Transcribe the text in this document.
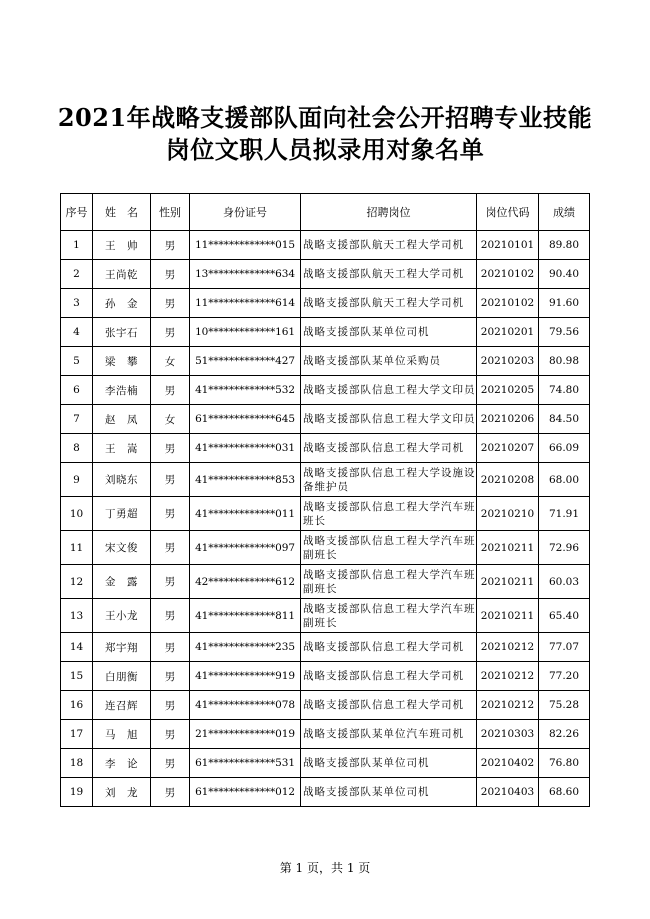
2021年战略支援部队面向社会公开招聘专业技能
岗位文职人员拟录用对象名单
序号	姓　名	性别	身份证号	招聘岗位	岗位代码	成绩
1	王　帅	男	11*************015	战略支援部队航天工程大学司机	20210101	89.80
2	王尚乾	男	13*************634	战略支援部队航天工程大学司机	20210102	90.40
3	孙　金	男	11*************614	战略支援部队航天工程大学司机	20210102	91.60
4	张宇石	男	10*************161	战略支援部队某单位司机	20210201	79.56
5	梁　攀	女	51*************427	战略支援部队某单位采购员	20210203	80.98
6	李浩楠	男	41*************532	战略支援部队信息工程大学文印员	20210205	74.80
7	赵　凤	女	61*************645	战略支援部队信息工程大学文印员	20210206	84.50
8	王　嵩	男	41*************031	战略支援部队信息工程大学司机	20210207	66.09
9	刘晓东	男	41*************853	战略支援部队信息工程大学设施设备维护员	20210208	68.00
10	丁勇超	男	41*************011	战略支援部队信息工程大学汽车班班长	20210210	71.91
11	宋文俊	男	41*************097	战略支援部队信息工程大学汽车班副班长	20210211	72.96
12	金　露	男	42*************612	战略支援部队信息工程大学汽车班副班长	20210211	60.03
13	王小龙	男	41*************811	战略支援部队信息工程大学汽车班副班长	20210211	65.40
14	郑宇翔	男	41*************235	战略支援部队信息工程大学司机	20210212	77.07
15	白朋衡	男	41*************919	战略支援部队信息工程大学司机	20210212	77.20
16	连召辉	男	41*************078	战略支援部队信息工程大学司机	20210212	75.28
17	马　旭	男	21*************019	战略支援部队某单位汽车班司机	20210303	82.26
18	李　论	男	61*************531	战略支援部队某单位司机	20210402	76.80
19	刘　龙	男	61*************012	战略支援部队某单位司机	20210403	68.60
第 1 页，共 1 页
